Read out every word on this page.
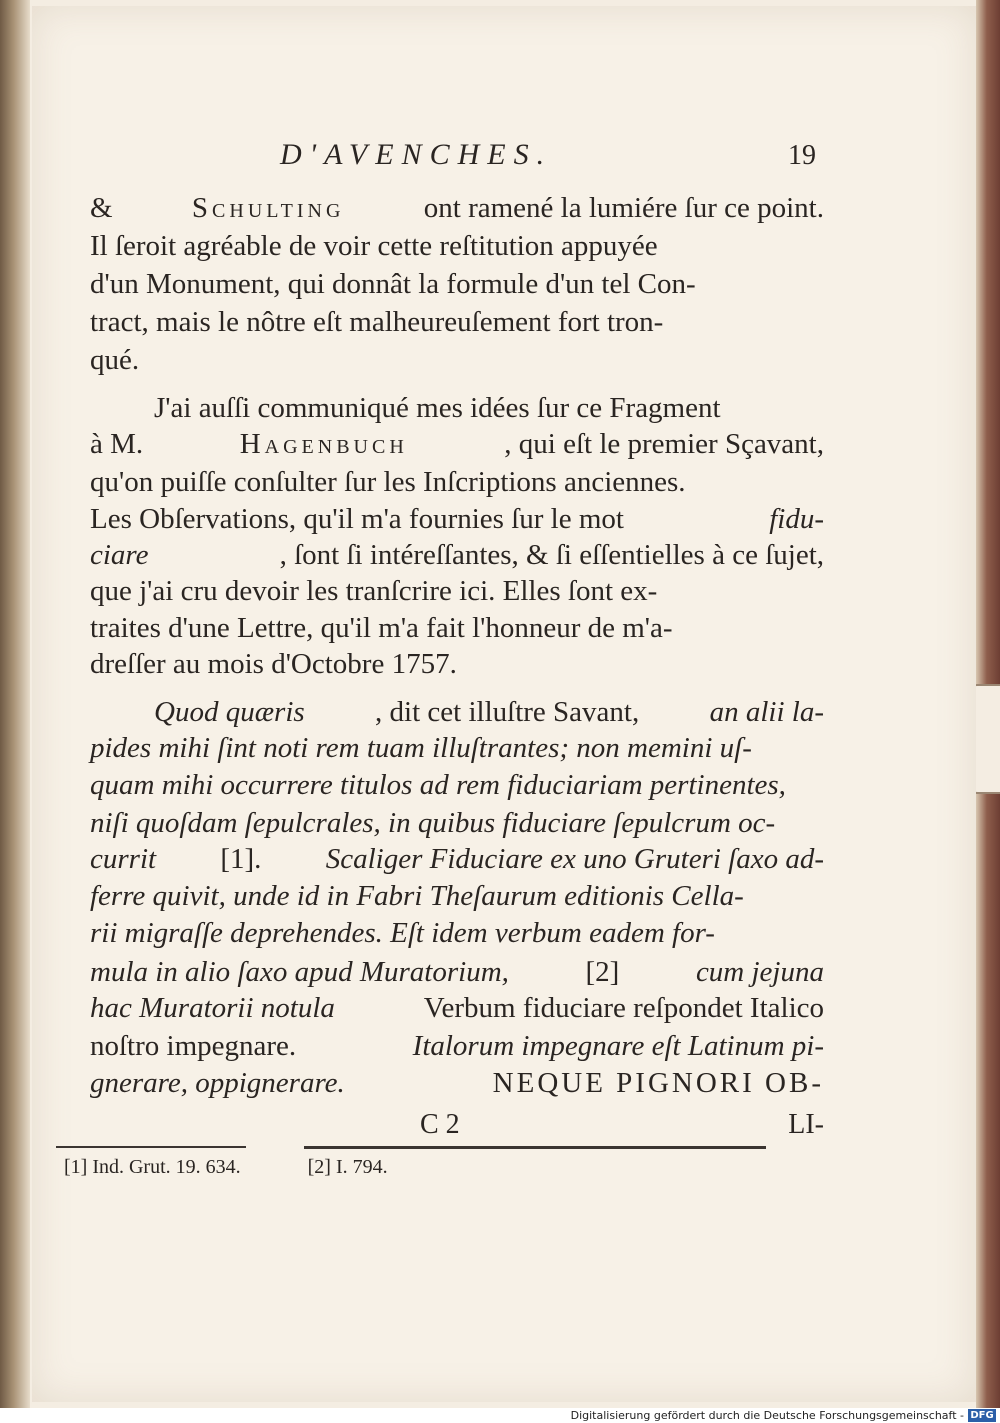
D'AVENCHES.	19
&	Schulting	ont ramené la lumiére ſur ce point.
Il ſeroit agréable de voir cette reſtitution appuyée
d'un Monument, qui donnât la formule d'un tel Con-
tract, mais le nôtre eſt malheureuſement fort tron-
qué.
J'ai auſſi communiqué mes idées ſur ce Fragment
à M.	Hagenbuch	, qui eſt le premier Sçavant,
qu'on puiſſe conſulter ſur les Inſcriptions anciennes.
Les Obſervations, qu'il m'a fournies ſur le mot	fidu-
ciare	, ſont ſi intéreſſantes, & ſi eſſentielles à ce ſujet,
que j'ai cru devoir les tranſcrire ici. Elles ſont ex-
traites d'une Lettre, qu'il m'a fait l'honneur de m'a-
dreſſer au mois d'Octobre 1757.
Quod quæris , dit cet illuſtre Savant, an alii la-
pides mihi ſint noti rem tuam illuſtrantes; non memini uſ-
quam mihi occurrere titulos ad rem fiduciariam pertinentes,
niſi quoſdam ſepulcrales, in quibus fiduciare ſepulcrum oc-
currit [1]. Scaliger Fiduciare ex uno Gruteri ſaxo ad-
ferre quivit, unde id in Fabri Theſaurum editionis Cella-
rii migraſſe deprehendes. Eſt idem verbum eadem for-
mula in alio ſaxo apud Muratorium,	[2]	cum jejuna
hac Muratorii notula	Verbum fiduciare reſpondet Italico
noſtro impegnare.	Italorum impegnare eſt Latinum pi-
gnerare, oppignerare.	NEQUE PIGNORI OB-
C 2	LI-
[1] Ind. Grut. 19. 634.	[2] I. 794.
Digitalisierung gefördert durch die Deutsche Forschungsgemeinschaft - DFG
